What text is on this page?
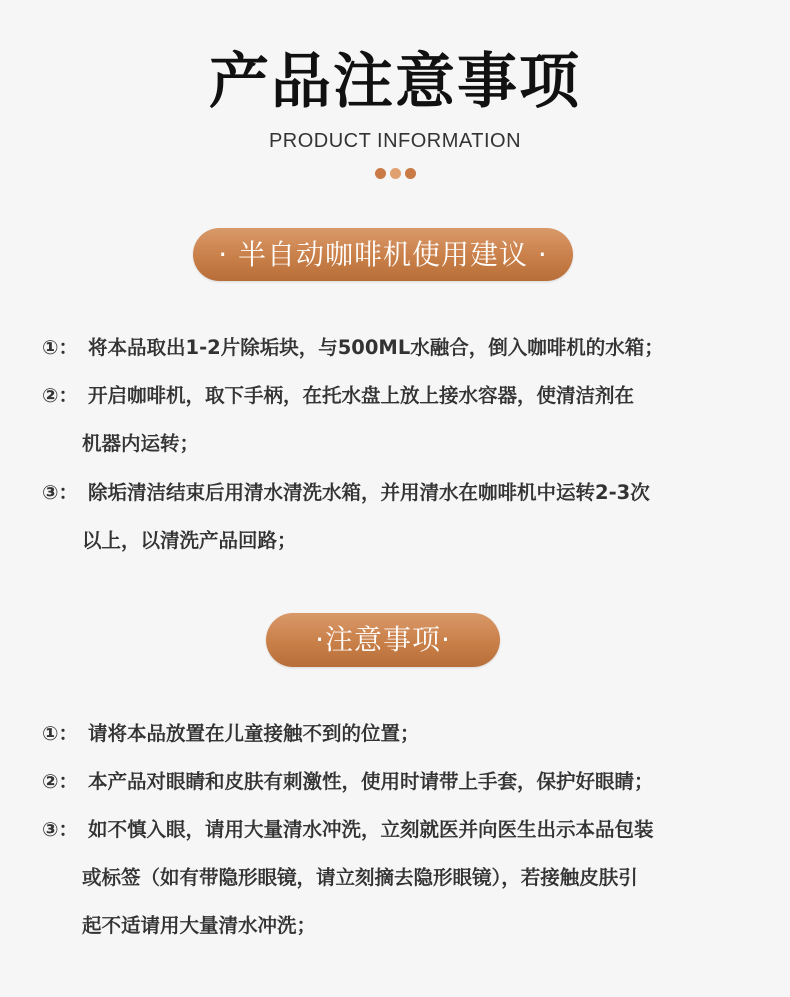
产品注意事项
PRODUCT INFORMATION

· 半自动咖啡机使用建议 ·
①： 将本品取出1-2片除垢块，与500ML水融合，倒入咖啡机的水箱；
②： 开启咖啡机，取下手柄，在托水盘上放上接水容器，使清洁剂在
机器内运转；
③： 除垢清洁结束后用清水清洗水箱，并用清水在咖啡机中运转2-3次
以上，以清洗产品回路；
·注意事项·
①： 请将本品放置在儿童接触不到的位置；
②： 本产品对眼睛和皮肤有刺激性，使用时请带上手套，保护好眼睛；
③： 如不慎入眼，请用大量清水冲洗，立刻就医并向医生出示本品包装
或标签（如有带隐形眼镜，请立刻摘去隐形眼镜），若接触皮肤引
起不适请用大量清水冲洗；
